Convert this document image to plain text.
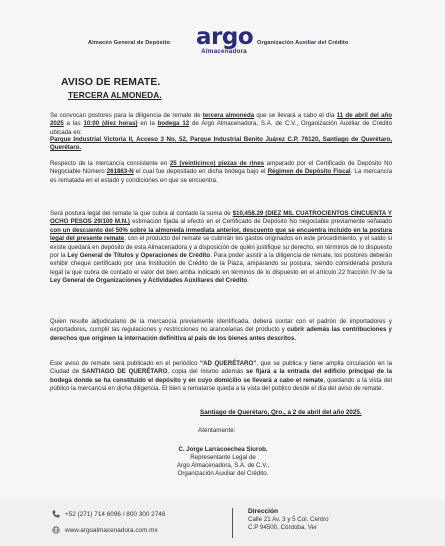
Almacén General de Depósito argo
Almacenadora
Organización Auxiliar del Crédito
AVISO DE REMATE.
TERCERA ALMONEDA.

Se convocan postores para la diligencia de remate de tercera almoneda que se llevará a cabo el día 11 de abril del año 2025 a las 10:00 (diez horas) en la bodega 12 de Argo Almacenadora, S.A. de C.V., Organización Auxiliar de Crédito ubicada en:

Parque Industrial Victoria II, Acceso 3 No. 52, Parque Industrial Benito Juárez C.P. 76120, Santiago de Querétaro, Querétaro.

Respecto de la mercancía consistente en 25 (veinticinco) piezas de rines amparado por el Certificado de Depósito No Negociable Número 261863-N el cual fue depositado en dicha bodega bajo el Régimen de Depósito Fiscal. La mercancía es rematada en el estado y condiciones en que se encuentra.

Será postura legal del remate la que cubra al contado la suma de $10,458.29 (DIEZ MIL CUATROCIENTOS CINCUENTA Y OCHO PESOS 29/100 M.N.) estimación fijada al efecto en el Certificado de Depósito No negociable previamente señalado con un descuento del 50% sobre la almoneda inmediata anterior, descuento que se encuentra incluido en la postura legal del presente remate, con el producto del remate se cubrirán los gastos originados en este procedimiento, y el saldo si existe quedará en depósito de esta Almacenadora y a disposición de quién justifique su derecho, en términos de lo dispuesto por la Ley General de Títulos y Operaciones de Crédito. Para poder asistir a la diligencia de remate, los postores deberán exhibir cheque certificado por una Institución de Crédito de la Plaza, amparando su postura, siendo considerada postura legal la que cubra de contado el valor del bien arriba indicado en términos de lo dispuesto en el artículo 22 fracción IV de la Ley General de Organizaciones y Actividades Auxiliares del Crédito.

Quien resulte adjudicatario de la mercancía previamente identificada, deberá contar con el padrón de importadores y exportadores, cumplir las regulaciones y restricciones no arancelarias del producto y cubrir además las contribuciones y derechos que originen la internación definitiva al país de los bienes antes descritos.

Este aviso de remate será publicado en el periódico “AD QUERÉTARO”, que se publica y tiene amplia circulación en la Ciudad de SANTIAGO DE QUERÉTARO, copia del mismo además se fijará a la entrada del edificio principal de la bodega donde se ha constituido el depósito y en cuyo domicilio se llevará a cabo el remate, quedando a la vista del público la mercancía en dicha diligencia. El bien a rematarse queda a la vista del público desde el día del aviso de remate.

Santiago de Querétaro, Qro., a 2 de abril del año 2025.
Atentamente:
C. Jorge Larracoechea Siurob.
Representante Legal de
Argo Almacenadora, S.A. de C.V.,
Organización Auxiliar del Crédito.
+52 (271) 714 6096 / 800 300 2746
www.argoalmacenadora.com.mx
Dirección
Calle 21 Av. 3 y 5 Col. Centro
C.P 94500, Córdoba, Ver
